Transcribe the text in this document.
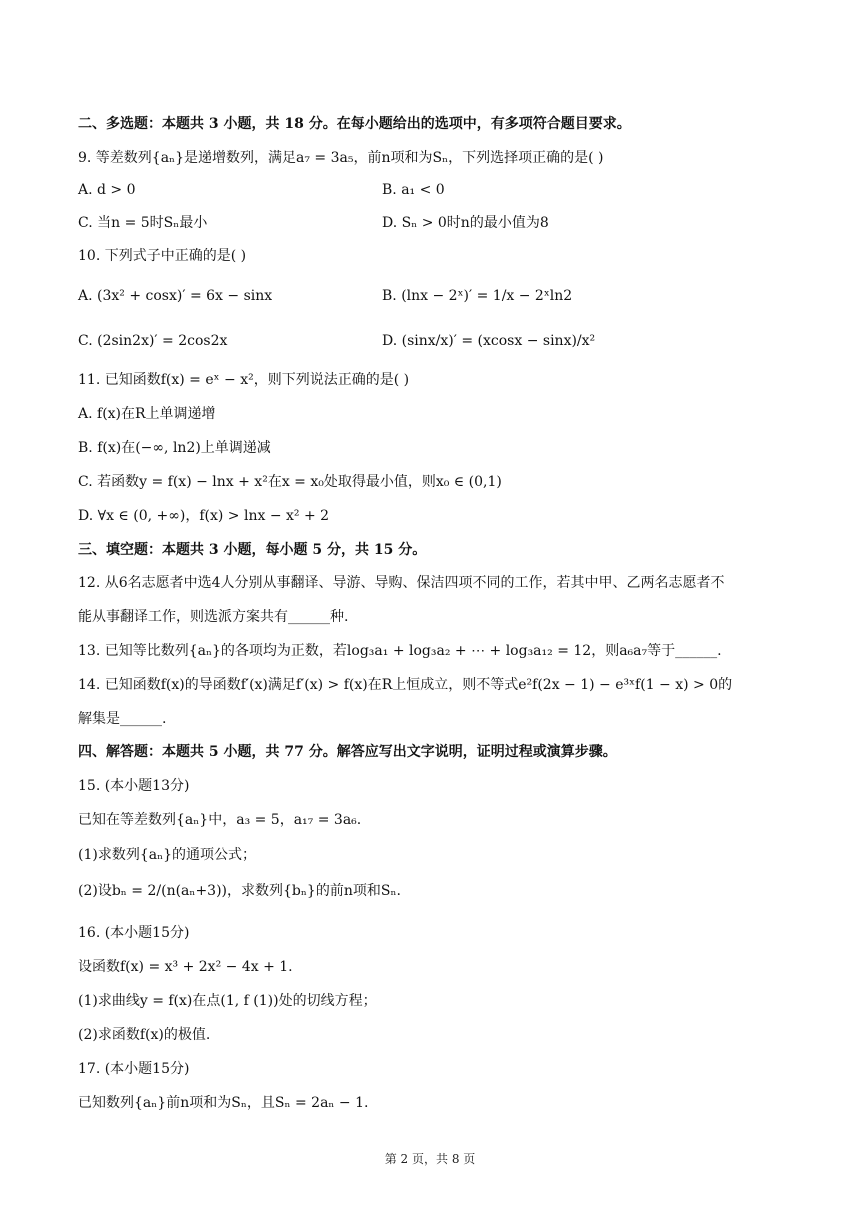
二、多选题：本题共 3 小题，共 18 分。在每小题给出的选项中，有多项符合题目要求。
9. 等差数列{aₙ}是递增数列，满足a₇ = 3a₅，前n项和为Sₙ，下列选择项正确的是( )
A. d > 0	B. a₁ < 0
C. 当n = 5时Sₙ最小	D. Sₙ > 0时n的最小值为8
10. 下列式子中正确的是( )
A. (3x² + cosx)′ = 6x − sinx	B. (lnx − 2ˣ)′ = 1/x − 2ˣln2
C. (2sin2x)′ = 2cos2x	D. (sinx/x)′ = (xcosx − sinx)/x²
11. 已知函数f(x) = eˣ − x²，则下列说法正确的是( )
A. f(x)在R上单调递增
B. f(x)在(−∞, ln2)上单调递减
C. 若函数y = f(x) − lnx + x²在x = x₀处取得最小值，则x₀ ∈ (0,1)
D. ∀x ∈ (0, +∞)，f(x) > lnx − x² + 2
三、填空题：本题共 3 小题，每小题 5 分，共 15 分。
12. 从6名志愿者中选4人分别从事翻译、导游、导购、保洁四项不同的工作，若其中甲、乙两名志愿者不
能从事翻译工作，则选派方案共有______种.
13. 已知等比数列{aₙ}的各项均为正数，若log₃a₁ + log₃a₂ + ⋯ + log₃a₁₂ = 12，则a₆a₇等于______.
14. 已知函数f(x)的导函数f′(x)满足f′(x) > f(x)在R上恒成立，则不等式e²f(2x − 1) − e³ˣf(1 − x) > 0的
解集是______.
四、解答题：本题共 5 小题，共 77 分。解答应写出文字说明，证明过程或演算步骤。
15. (本小题13分)
已知在等差数列{aₙ}中，a₃ = 5，a₁₇ = 3a₆.
(1)求数列{aₙ}的通项公式；
(2)设bₙ = 2/(n(aₙ+3))，求数列{bₙ}的前n项和Sₙ.
16. (本小题15分)
设函数f(x) = x³ + 2x² − 4x + 1.
(1)求曲线y = f(x)在点(1, f (1))处的切线方程；
(2)求函数f(x)的极值.
17. (本小题15分)
已知数列{aₙ}前n项和为Sₙ，且Sₙ = 2aₙ − 1.
第 2 页，共 8 页
